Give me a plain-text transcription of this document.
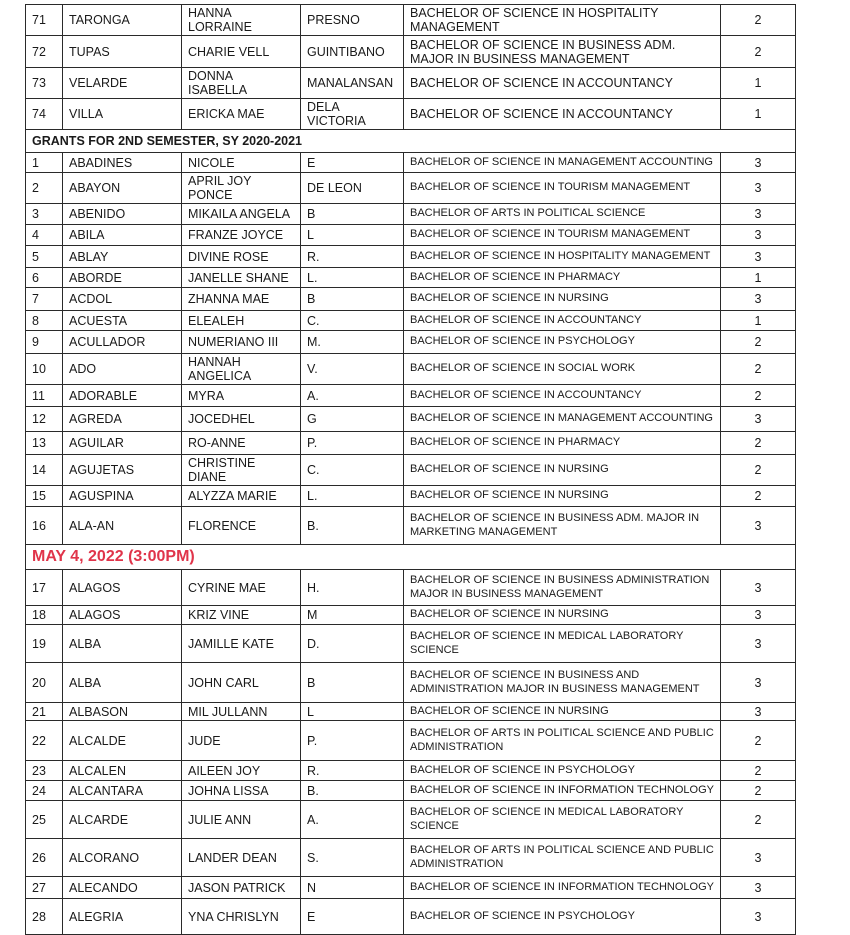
71	TARONGA	HANNA LORRAINE	PRESNO	BACHELOR OF SCIENCE IN HOSPITALITY MANAGEMENT	2
72	TUPAS	CHARIE VELL	GUINTIBANO	BACHELOR OF SCIENCE IN BUSINESS ADM. MAJOR IN BUSINESS MANAGEMENT	2
73	VELARDE	DONNA ISABELLA	MANALANSAN	BACHELOR OF SCIENCE IN ACCOUNTANCY	1
74	VILLA	ERICKA MAE	DELA VICTORIA	BACHELOR OF SCIENCE IN ACCOUNTANCY	1
GRANTS FOR 2ND SEMESTER, SY 2020-2021					
1	ABADINES	NICOLE	E	BACHELOR OF SCIENCE IN MANAGEMENT ACCOUNTING	3
2	ABAYON	APRIL JOY PONCE	DE LEON	BACHELOR OF SCIENCE IN TOURISM MANAGEMENT	3
3	ABENIDO	MIKAILA ANGELA	B	BACHELOR OF ARTS IN POLITICAL SCIENCE	3
4	ABILA	FRANZE JOYCE	L	BACHELOR OF SCIENCE IN TOURISM MANAGEMENT	3
5	ABLAY	DIVINE ROSE	R.	BACHELOR OF SCIENCE IN HOSPITALITY MANAGEMENT	3
6	ABORDE	JANELLE SHANE	L.	BACHELOR OF SCIENCE IN PHARMACY	1
7	ACDOL	ZHANNA MAE	B	BACHELOR OF SCIENCE IN NURSING	3
8	ACUESTA	ELEALEH	C.	BACHELOR OF SCIENCE IN ACCOUNTANCY	1
9	ACULLADOR	NUMERIANO III	M.	BACHELOR OF SCIENCE IN PSYCHOLOGY	2
10	ADO	HANNAH ANGELICA	V.	BACHELOR OF SCIENCE IN SOCIAL WORK	2
11	ADORABLE	MYRA	A.	BACHELOR OF SCIENCE IN ACCOUNTANCY	2
12	AGREDA	JOCEDHEL	G	BACHELOR OF SCIENCE IN MANAGEMENT ACCOUNTING	3
13	AGUILAR	RO-ANNE	P.	BACHELOR OF SCIENCE IN PHARMACY	2
14	AGUJETAS	CHRISTINE DIANE	C.	BACHELOR OF SCIENCE IN NURSING	2
15	AGUSPINA	ALYZZA MARIE	L.	BACHELOR OF SCIENCE IN NURSING	2
16	ALA-AN	FLORENCE	B.	BACHELOR OF SCIENCE IN BUSINESS ADM. MAJOR IN MARKETING MANAGEMENT	3
MAY 4, 2022 (3:00PM)					
17	ALAGOS	CYRINE MAE	H.	BACHELOR OF SCIENCE IN BUSINESS ADMINISTRATION MAJOR IN BUSINESS MANAGEMENT	3
18	ALAGOS	KRIZ VINE	M	BACHELOR OF SCIENCE IN NURSING	3
19	ALBA	JAMILLE KATE	D.	BACHELOR OF SCIENCE IN MEDICAL LABORATORY SCIENCE	3
20	ALBA	JOHN CARL	B	BACHELOR OF SCIENCE IN BUSINESS AND ADMINISTRATION MAJOR IN BUSINESS MANAGEMENT	3
21	ALBASON	MIL JULLANN	L	BACHELOR OF SCIENCE IN NURSING	3
22	ALCALDE	JUDE	P.	BACHELOR OF ARTS IN POLITICAL SCIENCE AND PUBLIC ADMINISTRATION	2
23	ALCALEN	AILEEN JOY	R.	BACHELOR OF SCIENCE IN PSYCHOLOGY	2
24	ALCANTARA	JOHNA LISSA	B.	BACHELOR OF SCIENCE IN INFORMATION TECHNOLOGY	2
25	ALCARDE	JULIE ANN	A.	BACHELOR OF SCIENCE IN MEDICAL LABORATORY SCIENCE	2
26	ALCORANO	LANDER DEAN	S.	BACHELOR OF ARTS IN POLITICAL SCIENCE AND PUBLIC ADMINISTRATION	3
27	ALECANDO	JASON PATRICK	N	BACHELOR OF SCIENCE IN INFORMATION TECHNOLOGY	3
28	ALEGRIA	YNA CHRISLYN	E	BACHELOR OF SCIENCE IN PSYCHOLOGY	3
